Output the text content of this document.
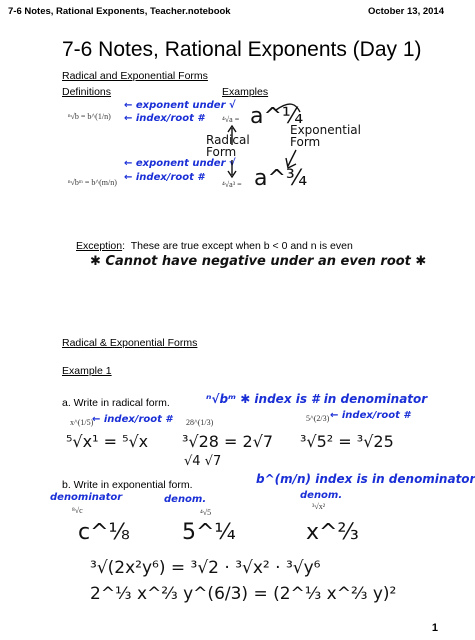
7-6 Notes, Rational Exponents, Teacher.notebook	October 13, 2014
7-6 Notes, Rational Exponents (Day 1)
Radical and Exponential Forms
Definitions	Examples
ⁿ√b = b^(1/n)
← exponent under √
← index/root #
ⁿ√bᵐ = b^(m/n)
← exponent under √
← index/root #
⁴√a = a^¼
Radical Form
Exponential Form
⁴√a³ = a^¾
Exception:  These are true except when b < 0 and n is even
✱ Cannot have negative under an even root ✱
Radical & Exponential Forms
Example 1
a. Write in radical form.	ⁿ√bᵐ ✱ index is # in denominator
x^(1/5)
← index/root #
⁵√x¹ = ⁵√x
28^(1/3)
³√28 = 2√7
√4 √7
5^(2/3) ← index/root #
³√5² = ³√25
b. Write in exponential form.	b^(m/n) index is in denominator
denominator
⁸√c
c^⅛
denom.
⁴√5
5^¼
denom.
³√x²
x^⅔
³√(2x²y⁶) = ³√2 · ³√x² · ³√y⁶
2^⅓ x^⅔ y^(6/3) = (2^⅓ x^⅔ y)²
1
